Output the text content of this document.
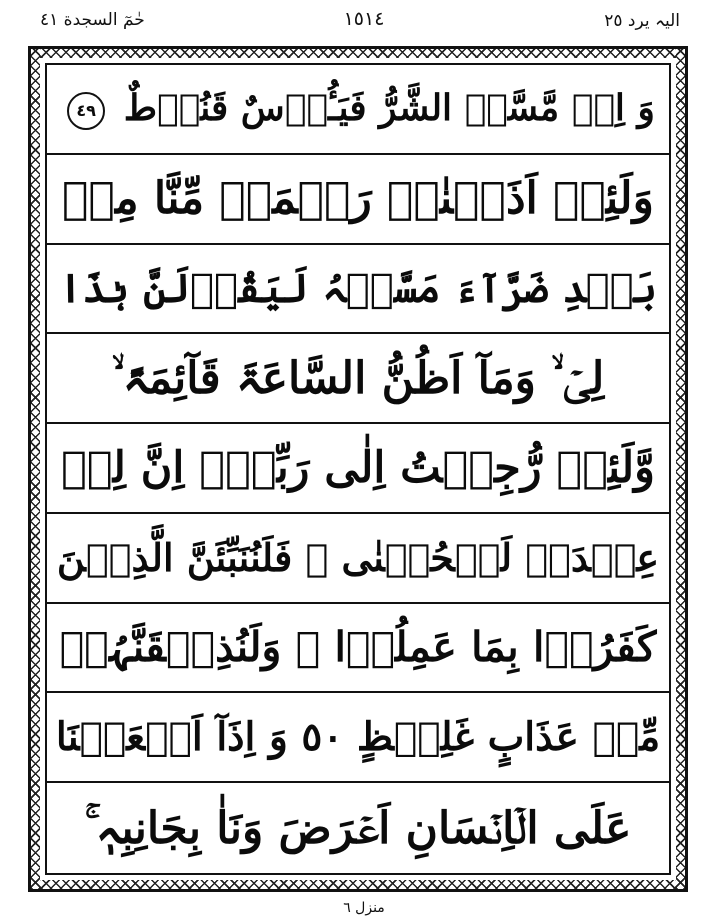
حٰمٓ السجدة ٤١	١٥١٤	الیہ یرد ٢٥
وَ اِنۡ مَّسَّہُ الشَّرُّ فَیَـُٔوۡسٌ قَنُوۡطٌ ٤٩
وَلَئِنۡ اَذَقۡنٰہُ رَحۡمَۃً مِّنَّا مِنۡ
بَعۡدِ ضَرَّآءَ مَسَّتۡہُ لَیَقُوۡلَنَّ ہٰذَا
لِیۡ ۙ وَمَآ اَظُنُّ السَّاعَۃَ قَآئِمَۃً ۙ
وَّلَئِنۡ رُّجِعۡتُ اِلٰی رَبِّیۡۤ اِنَّ لِیۡ
عِنۡدَہٗ لَلۡحُسۡنٰی ۚ فَلَنُنَبِّئَنَّ الَّذِیۡنَ
کَفَرُوۡا بِمَا عَمِلُوۡا ۫ وَلَنُذِیۡقَنَّہُمۡ
مِّنۡ عَذَابٍ غَلِیۡظٍ ٥٠ وَ اِذَآ اَنۡعَمۡنَا
عَلَی الۡاِنۡسَانِ اَعۡرَضَ وَنَاٰ بِجَانِبِہٖ ۚ
منزل ٦
